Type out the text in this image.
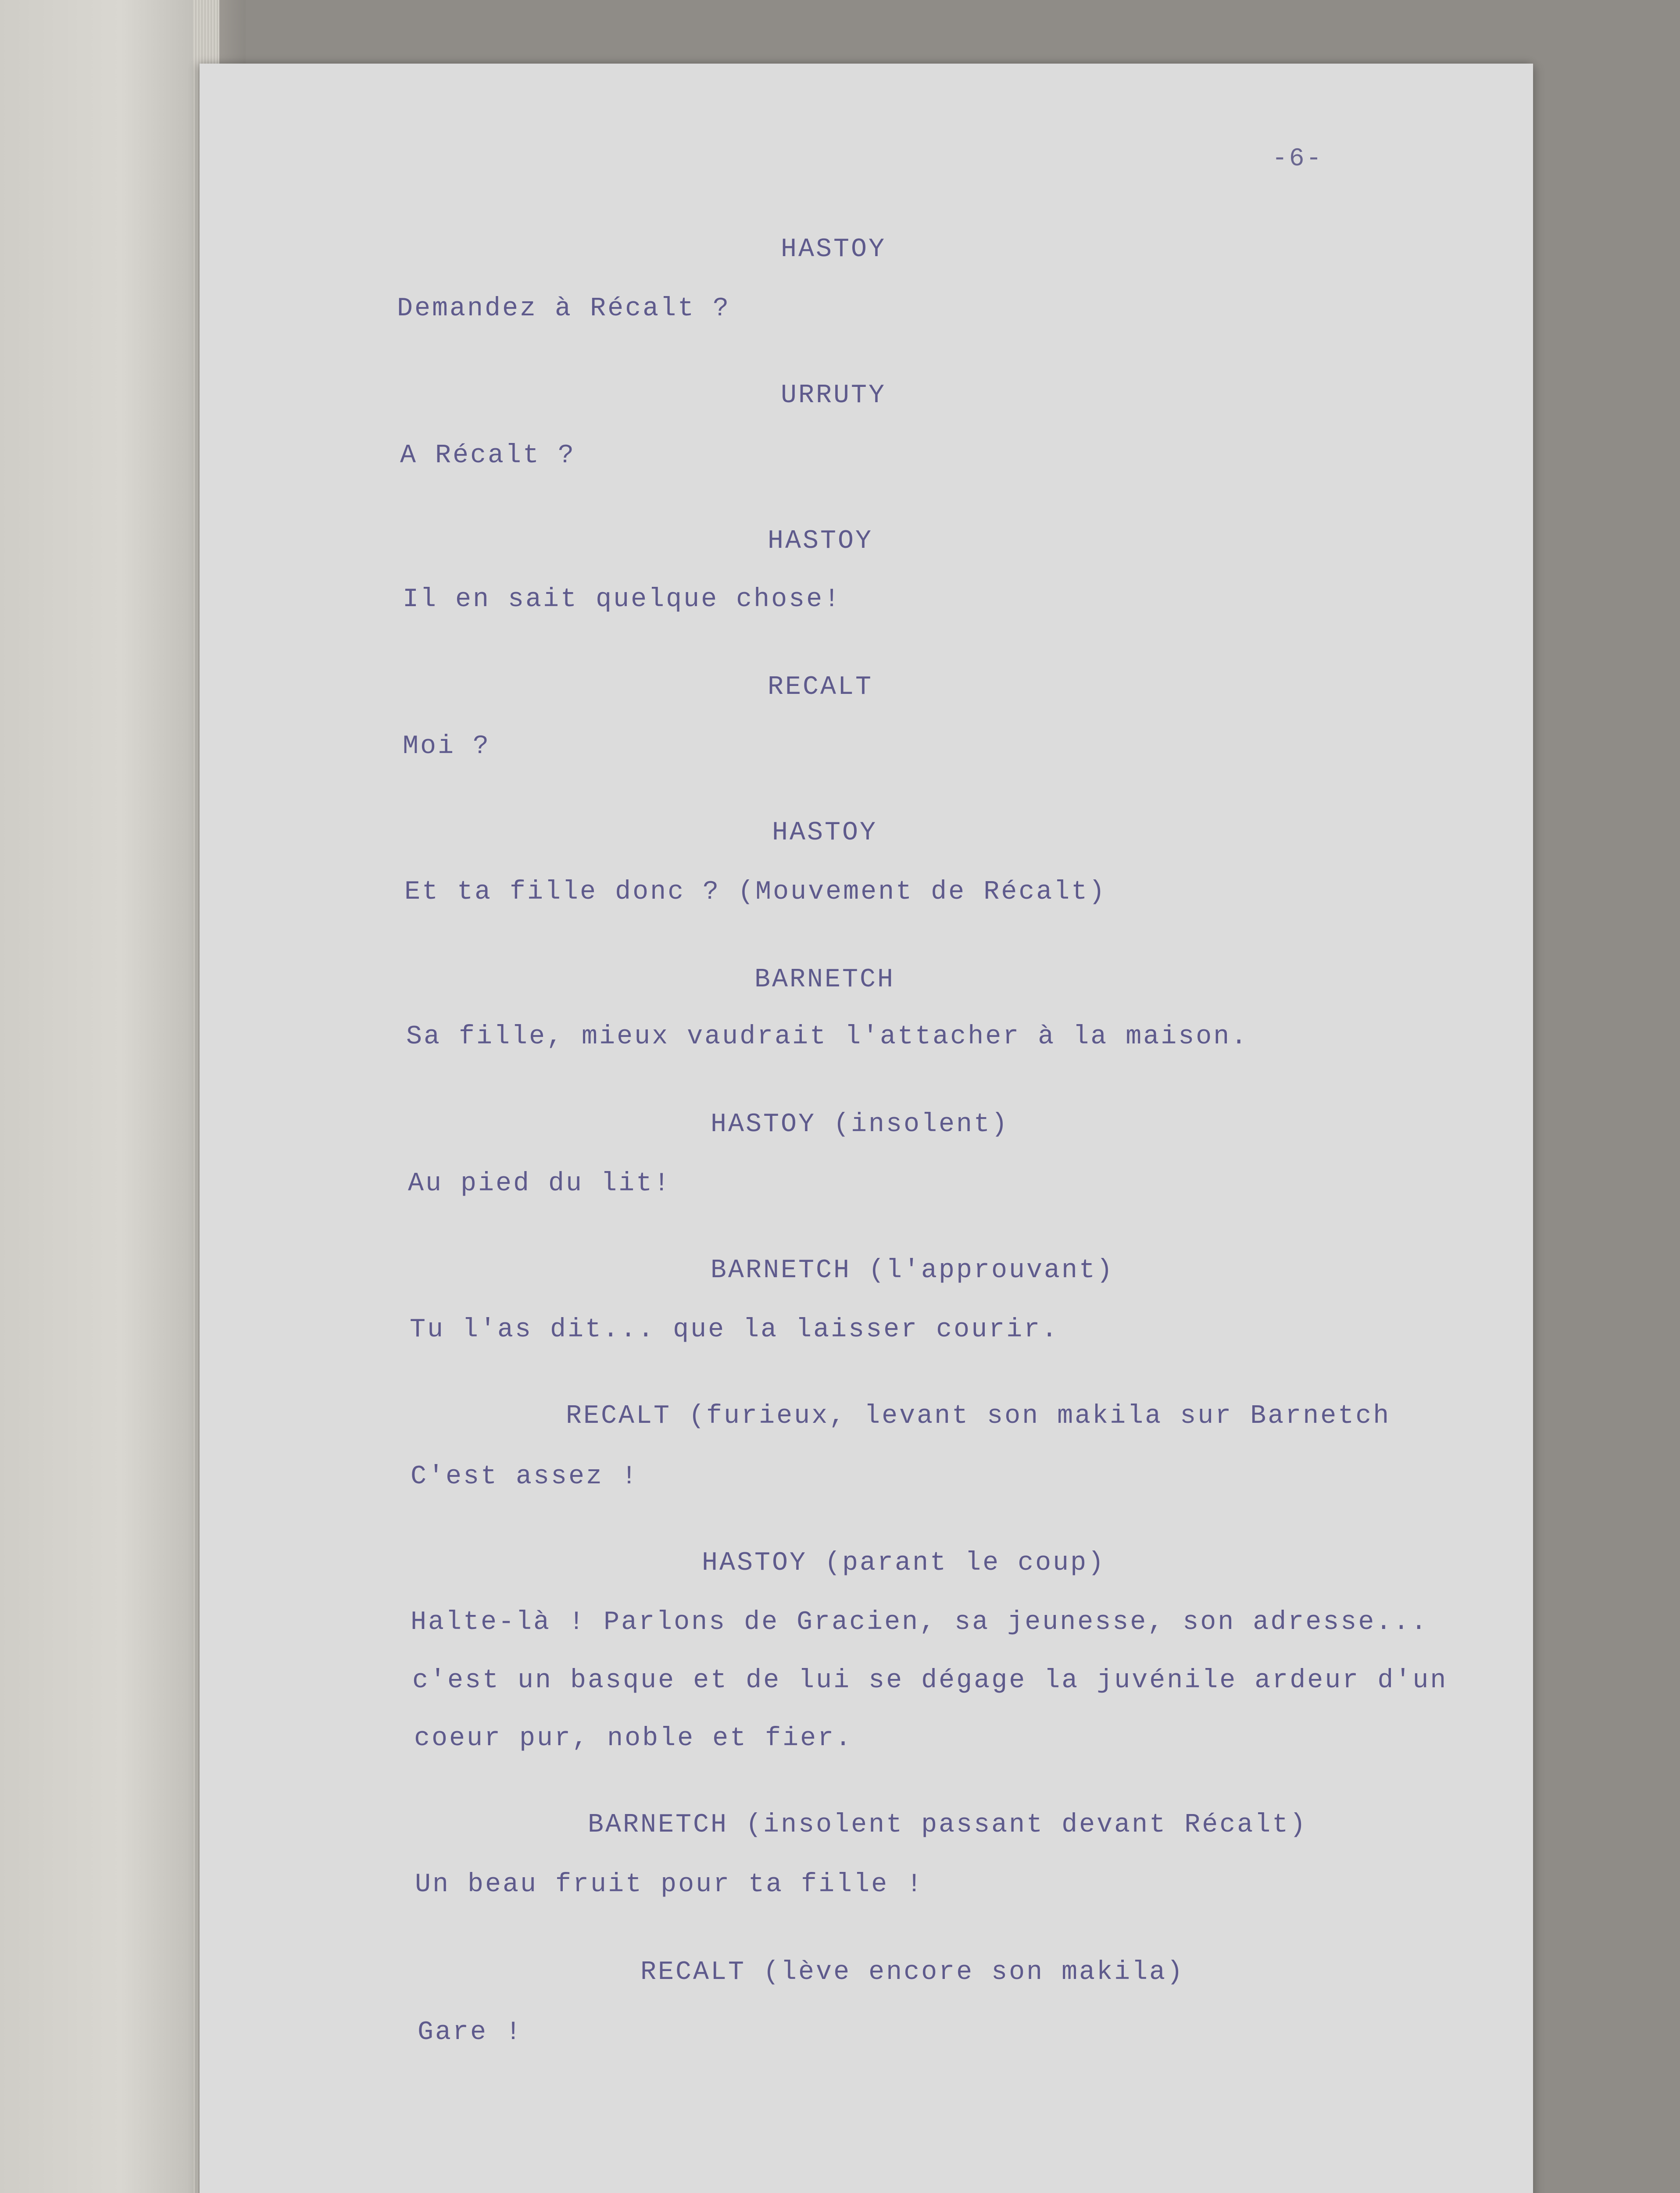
-6-
HASTOY
Demandez à Récalt ?
URRUTY
A Récalt ?
HASTOY
Il en sait quelque chose!
RECALT
Moi ?
HASTOY
Et ta fille donc ? (Mouvement de Récalt)
BARNETCH
Sa fille, mieux vaudrait l'attacher à la maison.
HASTOY (insolent)
Au pied du lit!
BARNETCH (l'approuvant)
Tu l'as dit... que la laisser courir.
RECALT (furieux, levant son makila sur Barnetch
C'est assez !
HASTOY (parant le coup)
Halte-là ! Parlons de Gracien, sa jeunesse, son adresse...
c'est un basque et de lui se dégage la juvénile ardeur d'un
coeur pur, noble et fier.
BARNETCH (insolent passant devant Récalt)
Un beau fruit pour ta fille !
RECALT (lève encore son makila)
Gare !
